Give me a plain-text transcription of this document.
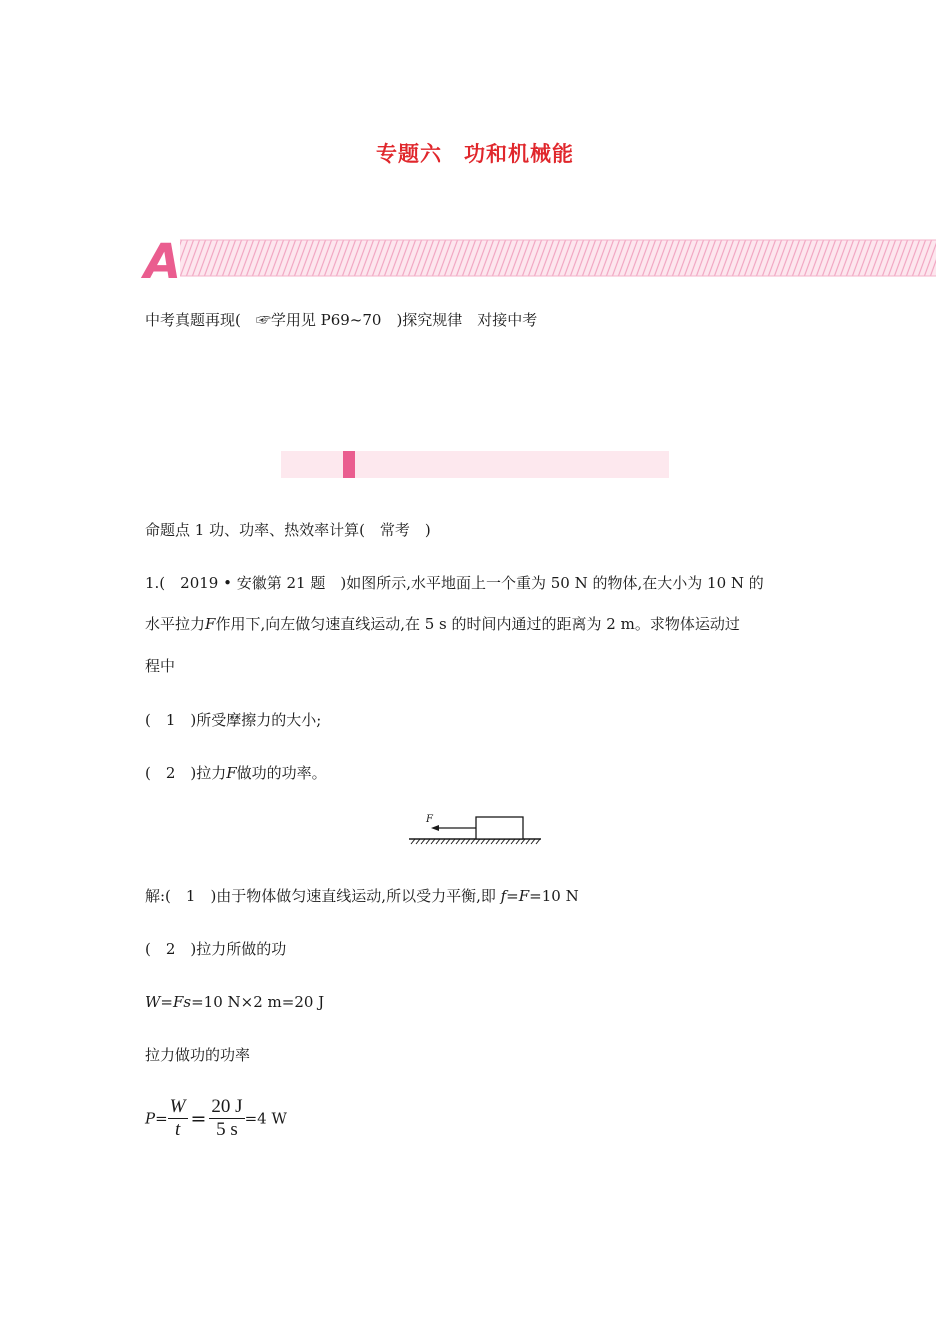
专题六　功和机械能
A
中考真题再现(　☞学用见 P69~70　)探究规律　对接中考
命题点 1 功、功率、热效率计算(　常考　)
1.(　2019 • 安徽第 21 题　)如图所示,水平地面上一个重为 50 N 的物体,在大小为 10 N 的
水平拉力F作用下,向左做匀速直线运动,在 5 s 的时间内通过的距离为 2 m。求物体运动过
程中
(　1　)所受摩擦力的大小;
(　2　)拉力F做功的功率。
F
解:(　1　)由于物体做匀速直线运动,所以受力平衡,即 f=F=10 N
(　2　)拉力所做的功
W=Fs=10 N×2 m=20 J
拉力做功的功率
$P= \frac{W}{t} = \frac{20 J}{5 s} =4$ W
